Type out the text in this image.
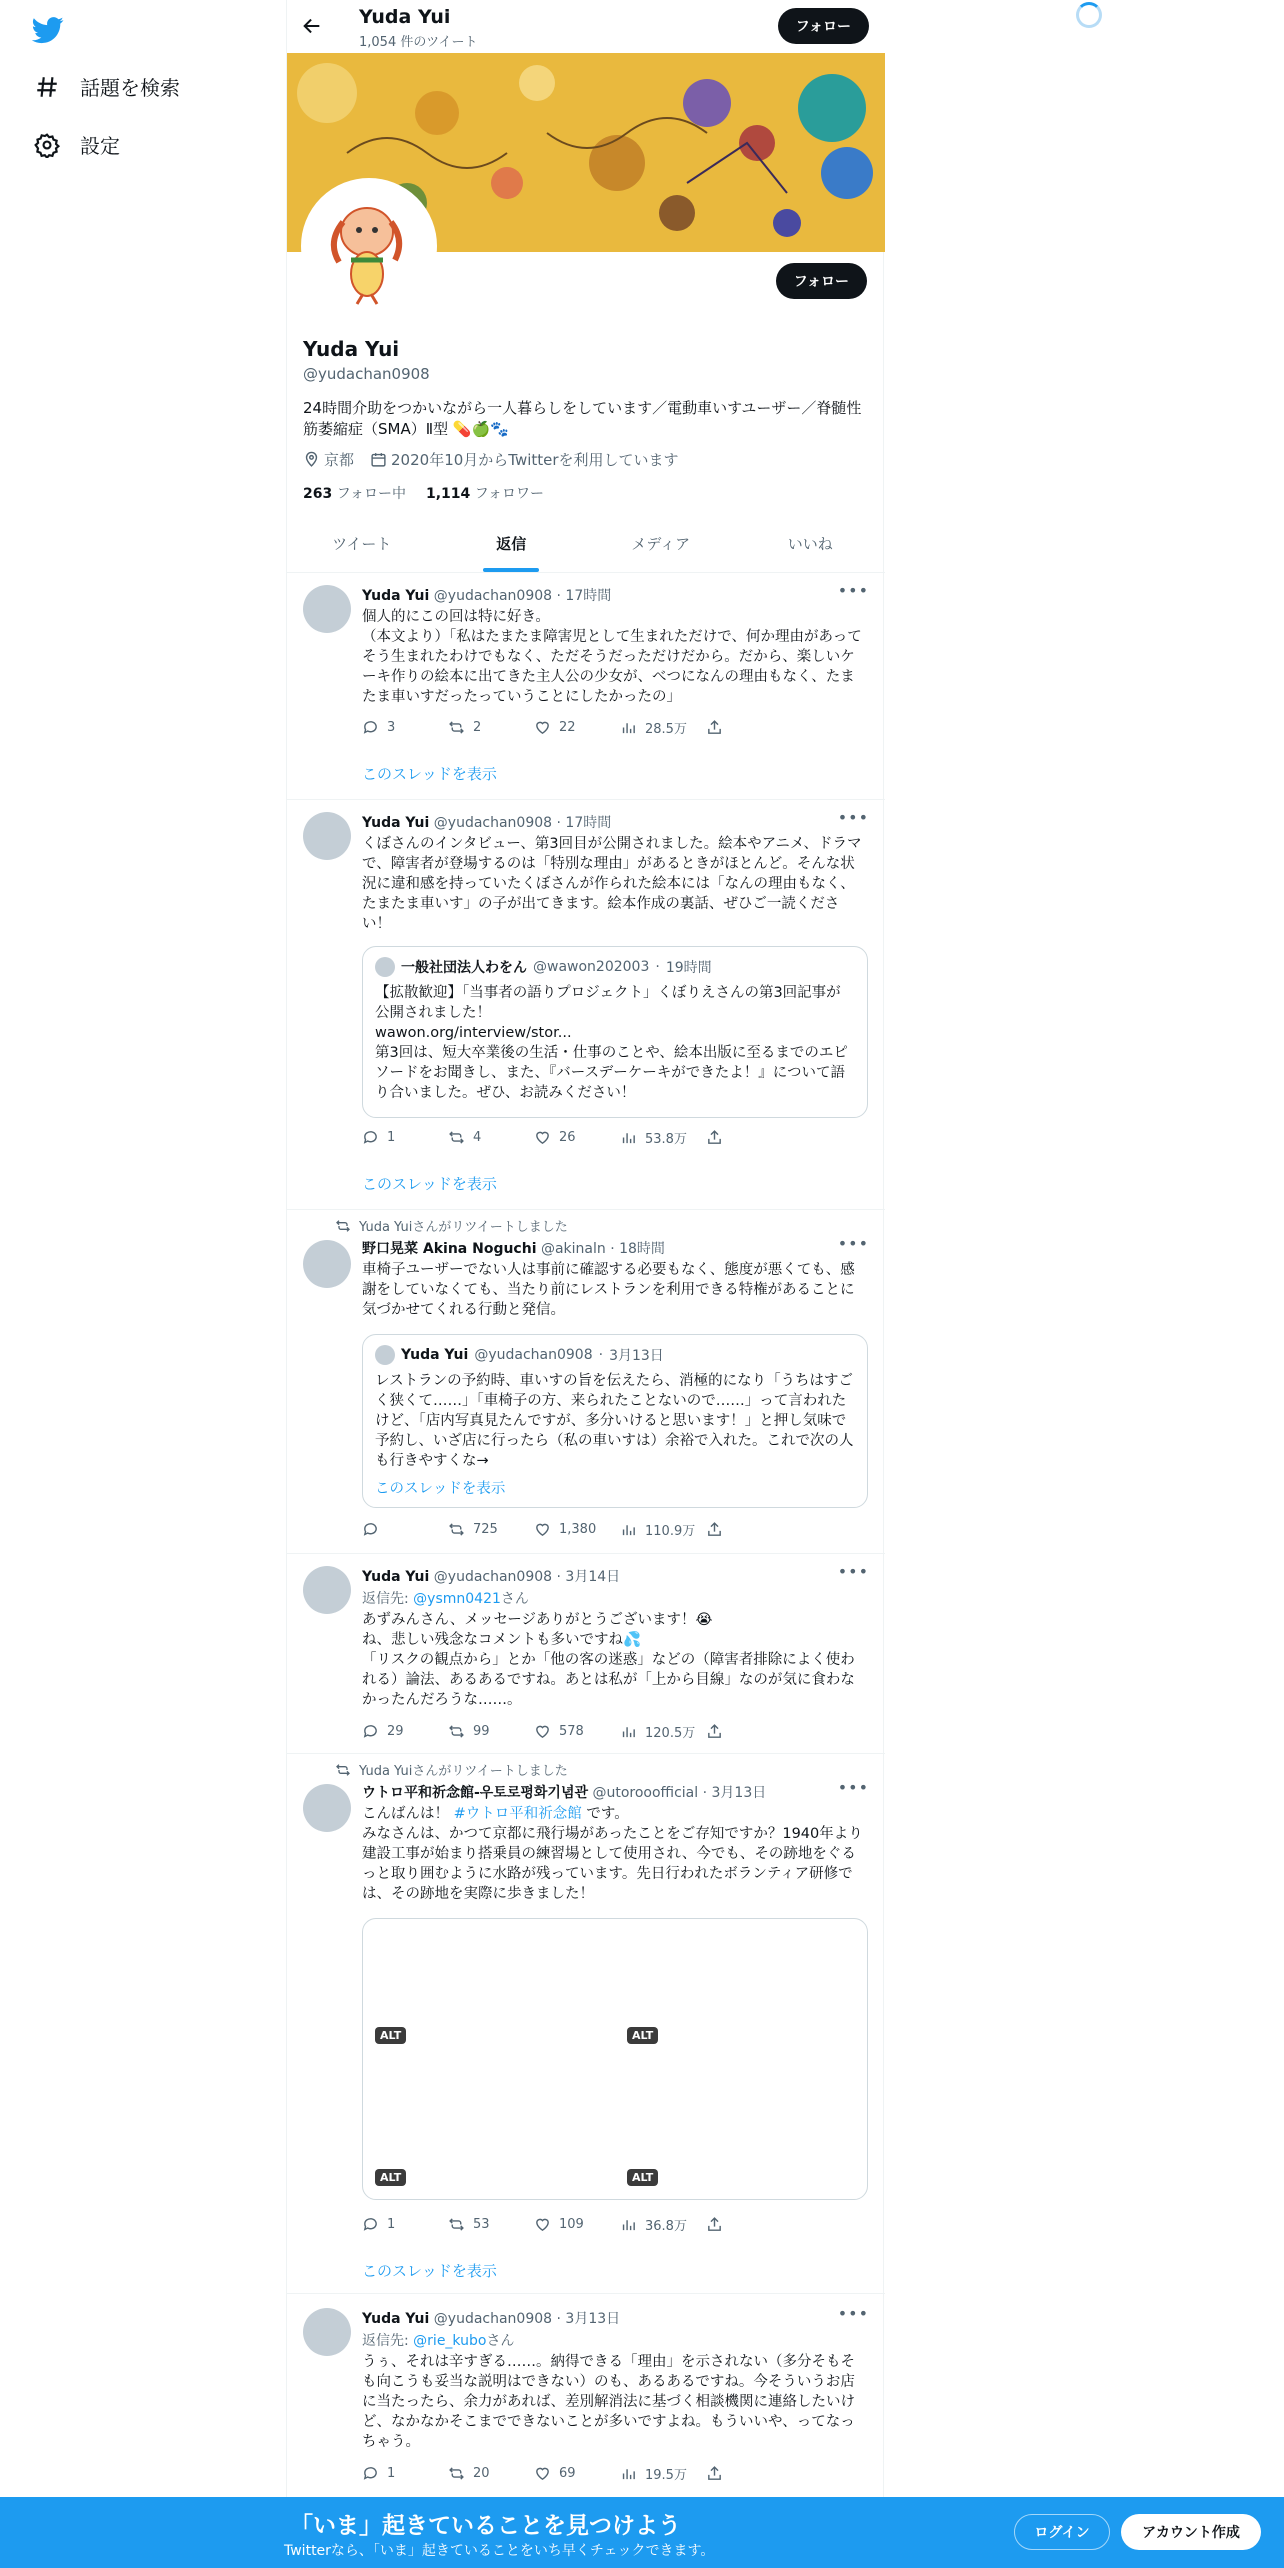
話題を検索
設定
Yuda Yui
1,054 件のツイート
フォロー
フォロー
Yuda Yui
@yudachan0908
24時間介助をつかいながら一人暮らしをしています／電動車いすユーザー／脊髄性筋萎縮症（SMA）Ⅱ型 💊🍏🐾
京都 2020年10月からTwitterを利用しています
263 フォロー中 1,114 フォロワー
ツイート	返信	メディア	いいね
Yuda Yui @yudachan0908 · 17時間	•••
個人的にこの回は特に好き。
（本文より）「私はたまたま障害児として生まれただけで、何か理由があってそう生まれたわけでもなく、ただそうだっただけだから。だから、楽しいケーキ作りの絵本に出てきた主人公の少女が、べつになんの理由もなく、たまたま車いすだったっていうことにしたかったの」
3	2	22	28.5万
このスレッドを表示
Yuda Yui @yudachan0908 · 17時間	•••
くぼさんのインタビュー、第3回目が公開されました。絵本やアニメ、ドラマで、障害者が登場するのは「特別な理由」があるときがほとんど。そんな状況に違和感を持っていたくぼさんが作られた絵本には「なんの理由もなく、たまたま車いす」の子が出てきます。絵本作成の裏話、ぜひご一読ください！
一般社団法人わをん @wawon202003 · 19時間
【拡散歓迎】「当事者の語りプロジェクト」くぼりえさんの第3回記事が公開されました！
wawon.org/interview/stor...
第3回は、短大卒業後の生活・仕事のことや、絵本出版に至るまでのエピソードをお聞きし、また、『バースデーケーキができたよ！』について語り合いました。ぜひ、お読みください！
1	4	26	53.8万
このスレッドを表示
Yuda Yuiさんがリツイートしました
野口晃菜 Akina Noguchi @akinaln · 18時間	•••
車椅子ユーザーでない人は事前に確認する必要もなく、態度が悪くても、感謝をしていなくても、当たり前にレストランを利用できる特権があることに気づかせてくれる行動と発信。
Yuda Yui @yudachan0908 · 3月13日
レストランの予約時、車いすの旨を伝えたら、消極的になり「うちはすごく狭くて……」「車椅子の方、来られたことないので……」って言われたけど、「店内写真見たんですが、多分いけると思います！」と押し気味で予約し、いざ店に行ったら（私の車いすは）余裕で入れた。これで次の人も行きやすくな→
このスレッドを表示
725	1,380	110.9万
Yuda Yui @yudachan0908 · 3月14日	•••
返信先: @ysmn0421さん
あずみんさん、メッセージありがとうございます！😭
ね、悲しい残念なコメントも多いですね💦
「リスクの観点から」とか「他の客の迷惑」などの（障害者排除によく使われる）論法、あるあるですね。あとは私が「上から目線」なのが気に食わなかったんだろうな……。
29	99	578	120.5万
Yuda Yuiさんがリツイートしました
ウトロ平和祈念館-우토로평화기념관 @utorooofficial · 3月13日	•••
こんばんは！ #ウトロ平和祈念館 です。
みなさんは、かつて京都に飛行場があったことをご存知ですか？1940年より建設工事が始まり搭乗員の練習場として使用され、今でも、その跡地をぐるっと取り囲むように水路が残っています。先日行われたボランティア研修では、その跡地を実際に歩きました！
ALT	ALT
ALT	ALT
1	53	109	36.8万
このスレッドを表示
Yuda Yui @yudachan0908 · 3月13日	•••
返信先: @rie_kuboさん
うぅ、それは辛すぎる……。納得できる「理由」を示されない（多分そもそも向こうも妥当な説明はできない）のも、あるあるですね。今そういうお店に当たったら、余力があれば、差別解消法に基づく相談機関に連絡したいけど、なかなかそこまでできないことが多いですよね。もういいや、ってなっちゃう。
1	20	69	19.5万
「いま」起きていることを見つけよう
Twitterなら、「いま」起きていることをいち早くチェックできます。
ログイン	アカウント作成
